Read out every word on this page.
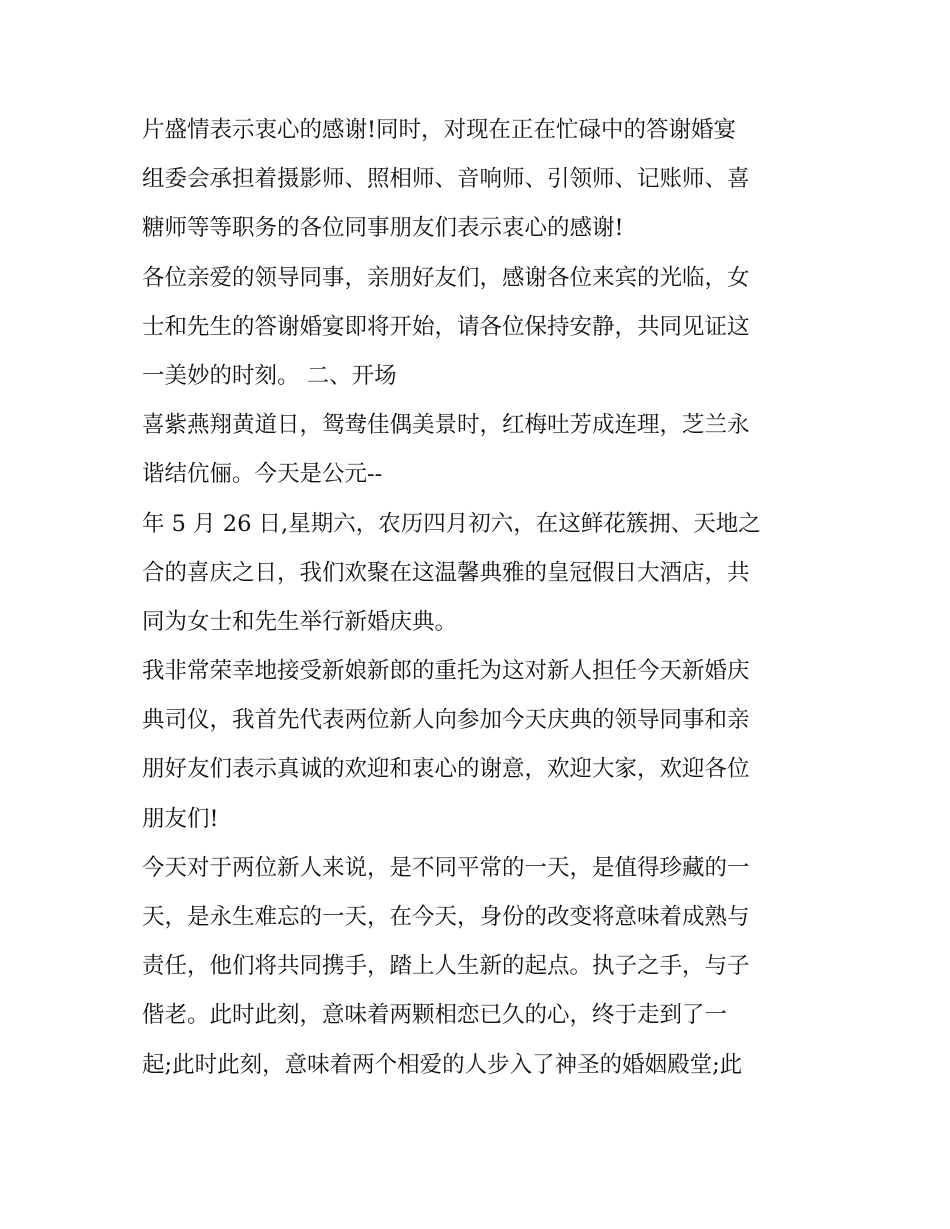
片盛情表示衷心的感谢!同时，对现在正在忙碌中的答谢婚宴
组委会承担着摄影师、照相师、音响师、引领师、记账师、喜
糖师等等职务的各位同事朋友们表示衷心的感谢!
各位亲爱的领导同事，亲朋好友们，感谢各位来宾的光临，女
士和先生的答谢婚宴即将开始，请各位保持安静，共同见证这
一美妙的时刻。 二、开场
喜紫燕翔黄道日，鸳鸯佳偶美景时，红梅吐芳成连理，芝兰永
谐结伉俪。今天是公元--
年 5 月 26 日,星期六，农历四月初六，在这鲜花簇拥、天地之
合的喜庆之日，我们欢聚在这温馨典雅的皇冠假日大酒店，共
同为女士和先生举行新婚庆典。
我非常荣幸地接受新娘新郎的重托为这对新人担任今天新婚庆
典司仪，我首先代表两位新人向参加今天庆典的领导同事和亲
朋好友们表示真诚的欢迎和衷心的谢意，欢迎大家，欢迎各位
朋友们!
今天对于两位新人来说，是不同平常的一天，是值得珍藏的一
天，是永生难忘的一天，在今天，身份的改变将意味着成熟与
责任，他们将共同携手，踏上人生新的起点。执子之手，与子
偕老。此时此刻，意味着两颗相恋已久的心，终于走到了一
起;此时此刻，意味着两个相爱的人步入了神圣的婚姻殿堂;此
